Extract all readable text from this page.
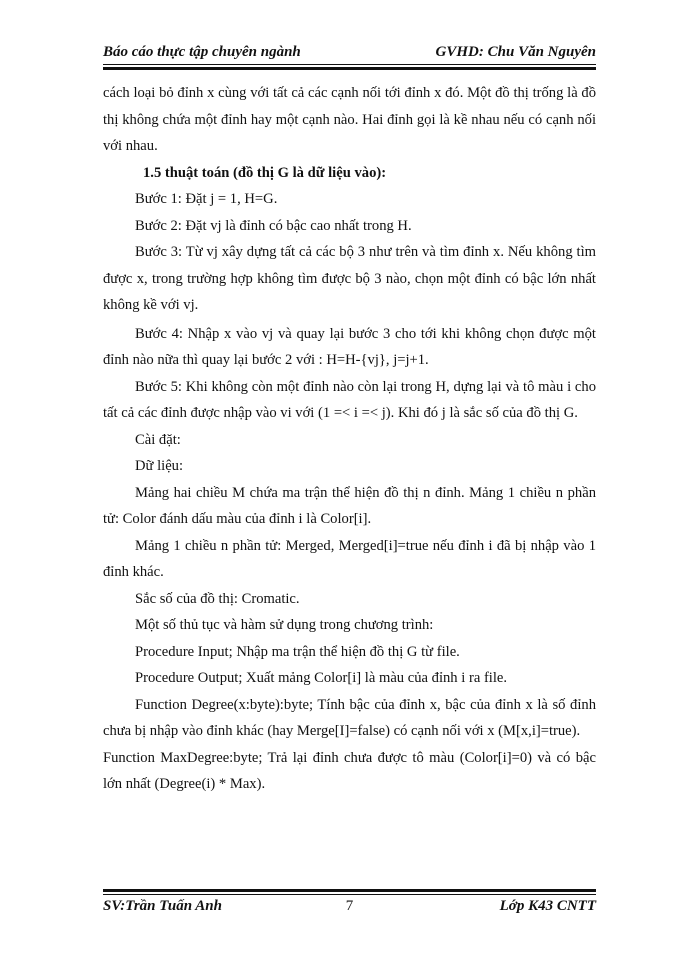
Báo cáo thực tập chuyên ngành	GVHD: Chu Văn Nguyên

cách loại bỏ đỉnh x cùng với tất cả các cạnh nối tới đỉnh x đó. Một đồ thị trống là đồ thị không chứa một đỉnh hay một cạnh nào. Hai đỉnh gọi là kề nhau nếu có cạnh nối với nhau.

1.5 thuật toán (đồ thị G là dữ liệu vào):

Bước 1: Đặt j = 1, H=G.

Bước 2: Đặt vj là đỉnh có bậc cao nhất trong H.

Bước 3: Từ vj xây dựng tất cả các bộ 3 như trên và tìm đỉnh x. Nếu không tìm được x, trong trường hợp không tìm được bộ 3 nào, chọn một đỉnh có bậc lớn nhất không kề với vj.

Bước 4: Nhập x vào vj và quay lại bước 3 cho tới khi không chọn được một đỉnh nào nữa thì quay lại bước 2 với : H=H-{vj}, j=j+1.

Bước 5: Khi không còn một đỉnh nào còn lại trong H, dựng lại và tô màu i cho tất cả các đỉnh được nhập vào vi với (1 =< i =< j). Khi đó j là sắc số của đồ thị G.

Cài đặt:

Dữ liệu:

Mảng hai chiều M chứa ma trận thể hiện đồ thị n đỉnh. Mảng 1 chiều n phần tử: Color đánh dấu màu của đỉnh i là Color[i].

Mảng 1 chiều n phần tử: Merged, Merged[i]=true nếu đỉnh i đã bị nhập vào 1 đỉnh khác.

Sắc số của đồ thị: Cromatic.

Một số thủ tục và hàm sử dụng trong chương trình:

Procedure Input; Nhập ma trận thể hiện đồ thị G từ file.

Procedure Output; Xuất mảng Color[i] là màu của đỉnh i ra file.

Function Degree(x:byte):byte; Tính bậc của đỉnh x, bậc của đỉnh x là số đỉnh chưa bị nhập vào đỉnh khác (hay Merge[I]=false) có cạnh nối với x (M[x,i]=true).

Function MaxDegree:byte; Trả lại đỉnh chưa được tô màu (Color[i]=0) và có bậc lớn nhất (Degree(i) * Max).

SV:Trần Tuấn Anh	7	Lớp K43 CNTT
